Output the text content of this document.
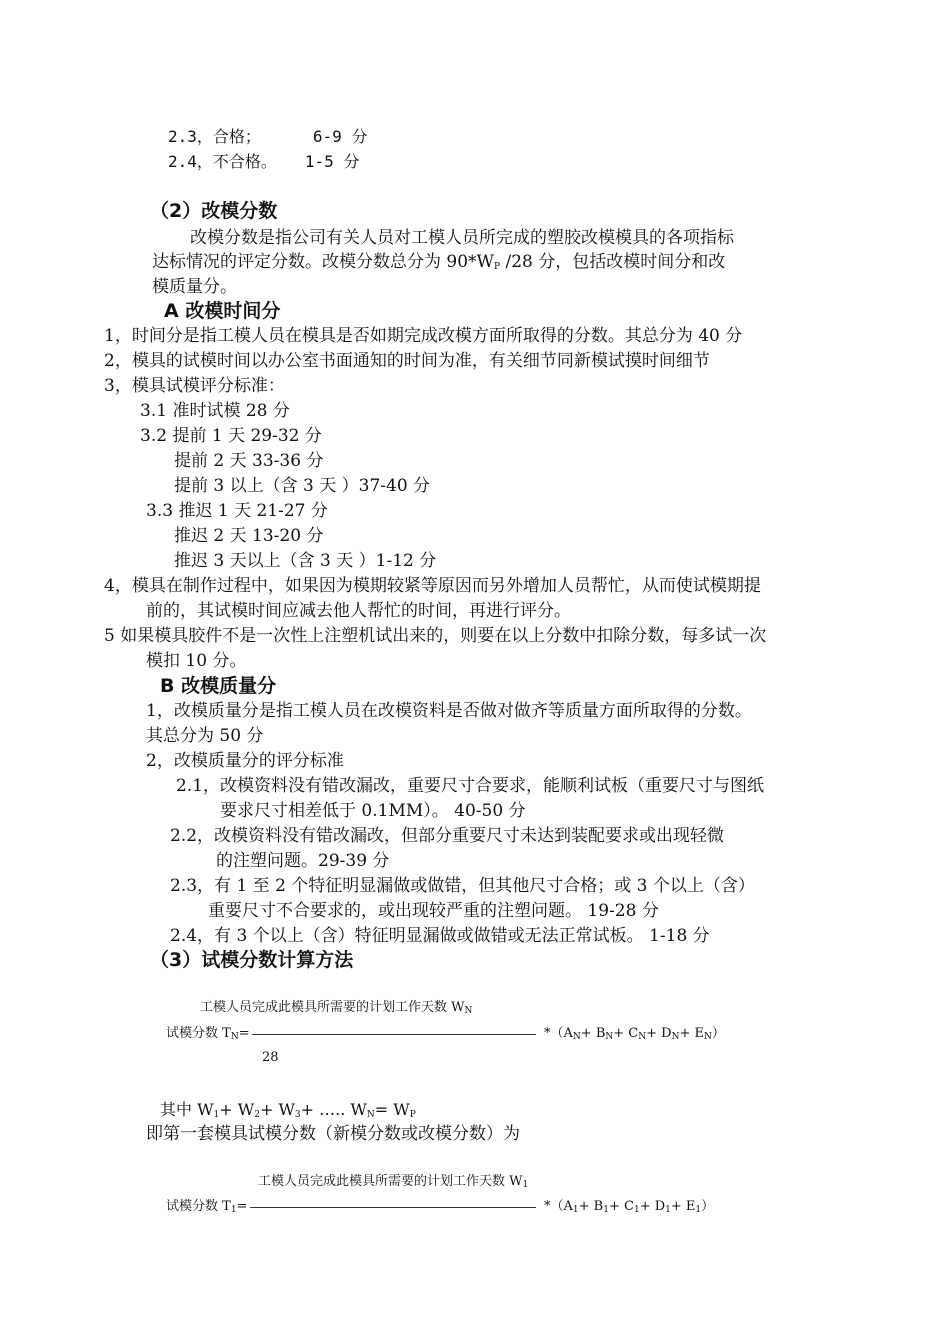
2.3，合格；	6-9 分
2.4，不合格。 1-5 分
（2）改模分数
改模分数是指公司有关人员对工模人员所完成的塑胶改模模具的各项指标
达标情况的评定分数。改模分数总分为 $90*W_P$ /28 分，包括改模时间分和改
模质量分。
A 改模时间分
1，时间分是指工模人员在模具是否如期完成改模方面所取得的分数。其总分为 40 分
2，模具的试模时间以办公室书面通知的时间为准，有关细节同新模试摸时间细节
3，模具试模评分标准：
3.1 准时试模 28 分
3.2 提前 1 天 29-32 分
提前 2 天 33-36 分
提前 3 以上（含 3 天 ）37-40 分
3.3 推迟 1 天 21-27 分
推迟 2 天 13-20 分
推迟 3 天以上（含 3 天 ）1-12 分
4，模具在制作过程中，如果因为模期较紧等原因而另外增加人员帮忙，从而使试模期提
前的，其试模时间应减去他人帮忙的时间，再进行评分。
5 如果模具胶件不是一次性上注塑机试出来的，则要在以上分数中扣除分数，每多试一次
模扣 10 分。
B 改模质量分
1，改模质量分是指工模人员在改模资料是否做对做齐等质量方面所取得的分数。
其总分为 50 分
2，改模质量分的评分标准
2.1，改模资料没有错改漏改，重要尺寸合要求，能顺利试板（重要尺寸与图纸
要求尺寸相差低于 0.1MM）。 40-50 分
2.2，改模资料没有错改漏改，但部分重要尺寸未达到装配要求或出现轻微
的注塑问题。29-39 分
2.3，有 1 至 2 个特征明显漏做或做错，但其他尺寸合格；或 3 个以上（含）
重要尺寸不合要求的，或出现较严重的注塑问题。 19-28 分
2.4，有 3 个以上（含）特征明显漏做或做错或无法正常试板。 1-18 分
（3）试模分数计算方法
工模人员完成此模具所需要的计划工作天数 $W_N$
试模分数 $T_N=$	$*(A_N+ B_N+ C_N+ D_N+ E_N)$
28
其中 $W_1+ W_2+ W_3+$ ….. $W_N= W_P$
即第一套模具试模分数（新模分数或改模分数）为
工模人员完成此模具所需要的计划工作天数 $W_1$
试模分数 $T_1=$	$*(A_1+ B_1+ C_1+ D_1+ E_1)$
